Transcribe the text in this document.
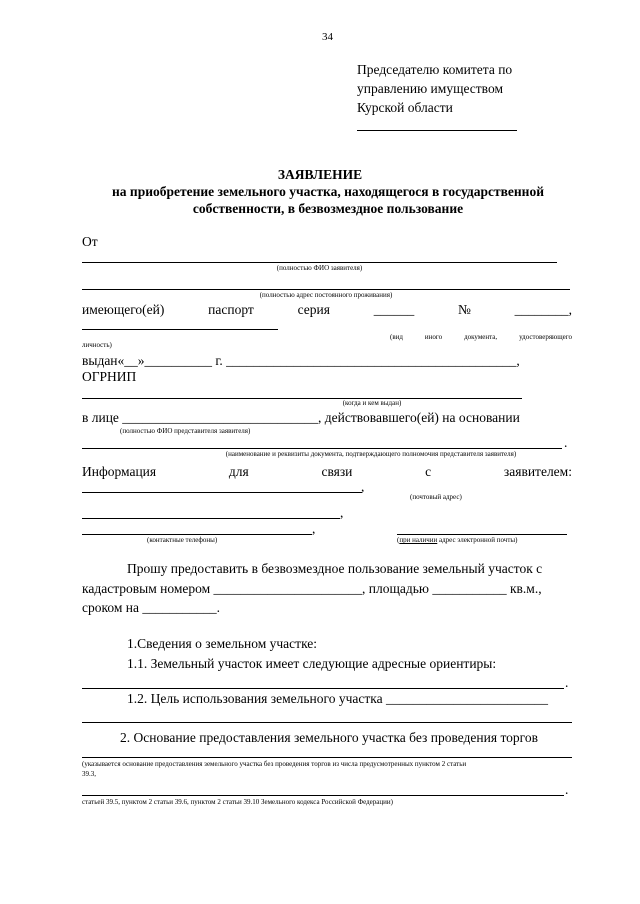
34
Председателю комитета по
управлению имуществом
Курской области
ЗАЯВЛЕНИЕ
на приобретение земельного участка, находящегося в государственной
собственности, в безвозмездное пользование
От
(полностью ФИО заявителя)
(полностью адрес постоянного проживания)
имеющего(ей)	паспорт	серия	______	№	________,
(вид	иного	документа,	удостоверяющего
личность)
выдан«__»__________ г. ___________________________________________,
ОГРНИП
(когда и кем выдан)
в лице _____________________________, действовавшего(ей) на основании
(полностью ФИО представителя заявителя)
.
(наименование и реквизиты документа, подтверждающего полномочия представителя заявителя)
Информация	для	связи	с	заявителем:
,
(почтовый адрес)
,
,
(контактные телефоны)	(при наличии адрес электронной почты)
Прошу предоставить в безвозмездное пользование земельный участок с
кадастровым номером ______________________, площадью ___________ кв.м.,
сроком на ___________.
1.Сведения о земельном участке:
1.1. Земельный участок имеет следующие адресные ориентиры:
.
1.2. Цель использования земельного участка ________________________
2. Основание предоставления земельного участка без проведения торгов
(указывается основание предоставления земельного участка без проведения торгов из числа предусмотренных пунктом 2 статьи
39.3,
.
статьей 39.5, пунктом 2 статьи 39.6, пунктом 2 статьи 39.10 Земельного кодекса Российской Федерации)
